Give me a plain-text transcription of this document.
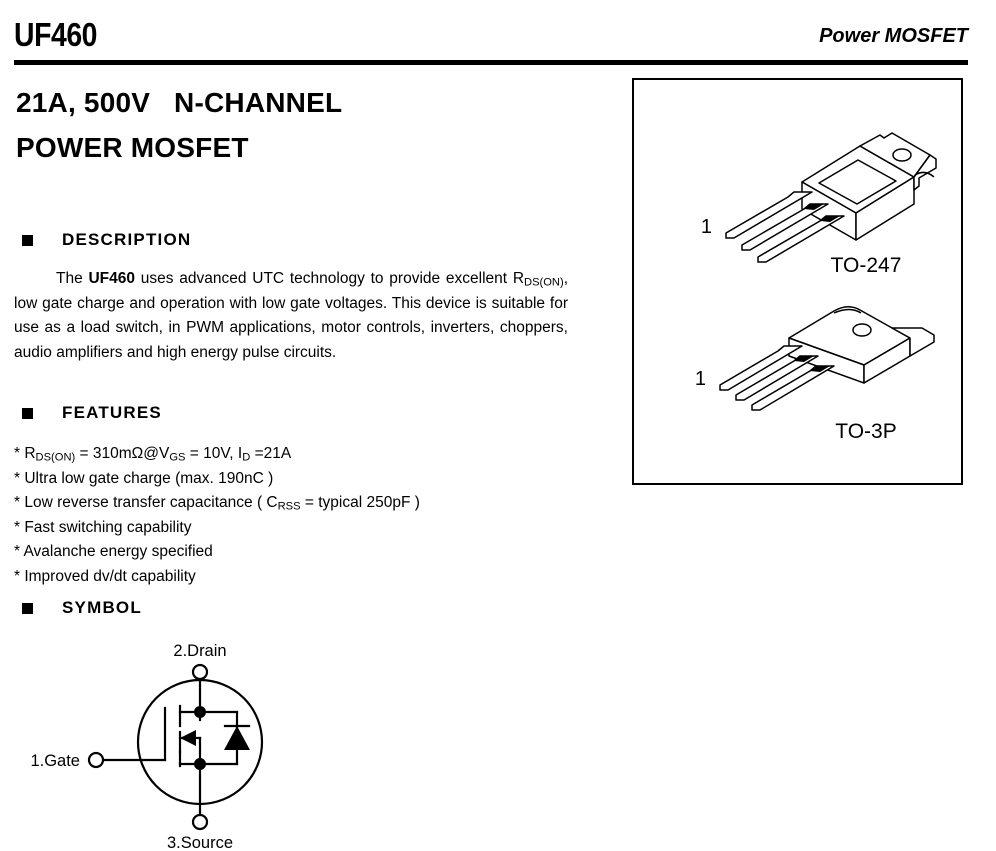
UF460	Power MOSFET
21A, 500V   N-CHANNEL
POWER MOSFET
DESCRIPTION
The UF460 uses advanced UTC technology to provide excellent $R_{DS(ON)}$, low gate charge and operation with low gate voltages. This device is suitable for use as a load switch, in PWM applications, motor controls, inverters, choppers, audio amplifiers and high energy pulse circuits.
FEATURES
* $R_{DS(ON)}$ = $310m\Omega@V_{GS} = 10V$, $I_D =21A$
* Ultra low gate charge (max. 190nC )
* Low reverse transfer capacitance ( $C_{RSS}$ = typical 250pF )
* Fast switching capability
* Avalanche energy specified
* Improved dv/dt capability
SYMBOL
2.Drain
1.Gate
3.Source
1
TO-247
1
TO-3P
